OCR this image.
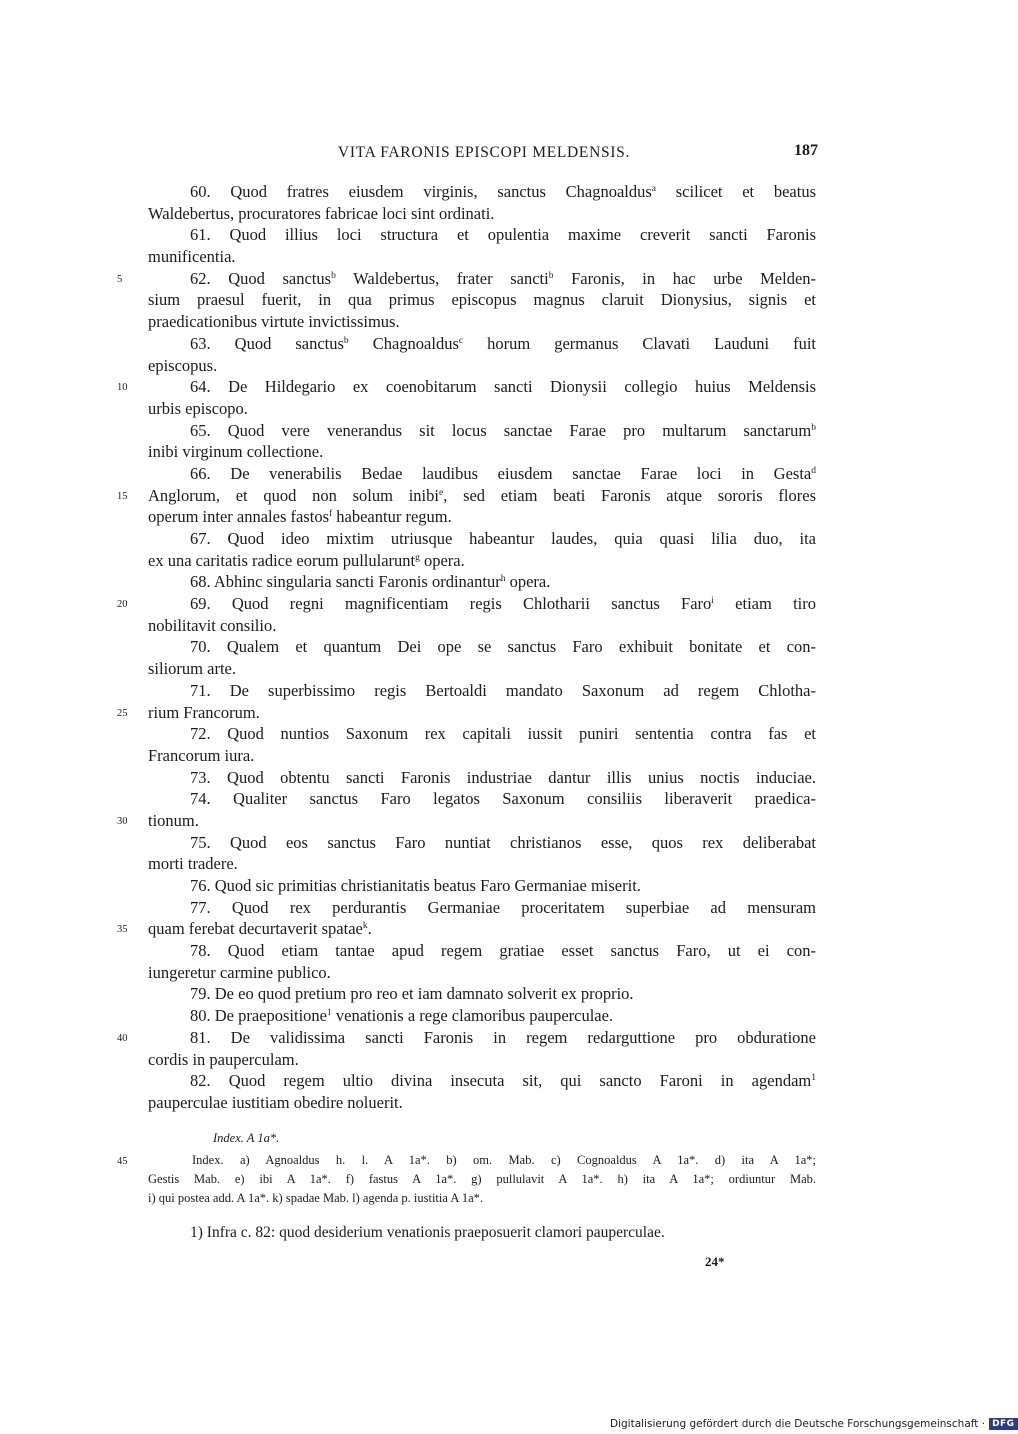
VITA FARONIS EPISCOPI MELDENSIS.	187
60. Quod fratres eiusdem virginis, sanctus Chagnoaldus$^a$ scilicet et beatus
Waldebertus, procuratores fabricae loci sint ordinati.
61. Quod illius loci structura et opulentia maxime creverit sancti Faronis
munificentia.
5	62. Quod sanctus$^b$ Waldebertus, frater sancti$^b$ Faronis, in hac urbe Melden-
sium praesul fuerit, in qua primus episcopus magnus claruit Dionysius, signis et
praedicationibus virtute invictissimus.
63. Quod sanctus$^b$ Chagnoaldus$^c$ horum germanus Clavati Lauduni fuit
episcopus.
10	64. De Hildegario ex coenobitarum sancti Dionysii collegio huius Meldensis
urbis episcopo.
65. Quod vere venerandus sit locus sanctae Farae pro multarum sanctarum$^b$
inibi virginum collectione.
66. De venerabilis Bedae laudibus eiusdem sanctae Farae loci in Gesta$^d$
15	Anglorum, et quod non solum inibi$^e$, sed etiam beati Faronis atque sororis flores
operum inter annales fastos$^f$ habeantur regum.
67. Quod ideo mixtim utriusque habeantur laudes, quia quasi lilia duo, ita
ex una caritatis radice eorum pullularunt$^g$ opera.
68. Abhinc singularia sancti Faronis ordinantur$^h$ opera.
20	69. Quod regni magnificentiam regis Chlotharii sanctus Faro$^i$ etiam tiro
nobilitavit consilio.
70. Qualem et quantum Dei ope se sanctus Faro exhibuit bonitate et con-
siliorum arte.
71. De superbissimo regis Bertoaldi mandato Saxonum ad regem Chlotha-
25	rium Francorum.
72. Quod nuntios Saxonum rex capitali iussit puniri sententia contra fas et
Francorum iura.
73. Quod obtentu sancti Faronis industriae dantur illis unius noctis induciae.
74. Qualiter sanctus Faro legatos Saxonum consiliis liberaverit praedica-
30	tionum.
75. Quod eos sanctus Faro nuntiat christianos esse, quos rex deliberabat
morti tradere.
76. Quod sic primitias christianitatis beatus Faro Germaniae miserit.
77. Quod rex perdurantis Germaniae proceritatem superbiae ad mensuram
35	quam ferebat decurtaverit spatae$^k$.
78. Quod etiam tantae apud regem gratiae esset sanctus Faro, ut ei con-
iungeretur carmine publico.
79. De eo quod pretium pro reo et iam damnato solverit ex proprio.
80. De praepositione$^1$ venationis a rege clamoribus pauperculae.
40	81. De validissima sancti Faronis in regem redarguttione pro obduratione
cordis in pauperculam.
82. Quod regem ultio divina insecuta sit, qui sancto Faroni in agendam$^1$
pauperculae iustitiam obedire noluerit.
Index. A 1a*.
45	Index. a) Agnoaldus h. l. A 1a*. b) om. Mab. c) Cognoaldus A 1a*. d) ita A 1a*;
Gestis Mab. e) ibi A 1a*. f) fastus A 1a*. g) pullulavit A 1a*. h) ita A 1a*; ordiuntur Mab.
i) qui postea add. A 1a*. k) spadae Mab. l) agenda p. iustitia A 1a*.
1) Infra c. 82: quod desiderium venationis praeposuerit clamori pauperculae.
24*
Digitalisierung gefördert durch die Deutsche Forschungsgemeinschaft · DFG
